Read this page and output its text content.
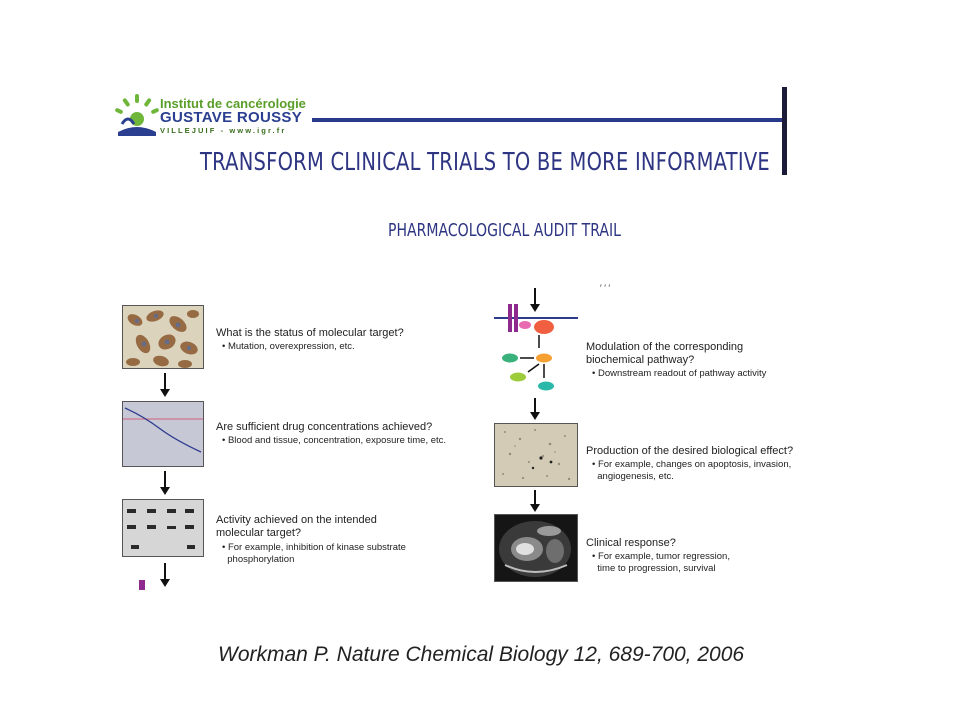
Institut de cancérologie
GUSTAVE ROUSSY
VILLEJUIF - www.igr.fr
TRANSFORM CLINICAL TRIALS TO BE MORE INFORMATIVE
PHARMACOLOGICAL AUDIT TRAIL
What is the status of molecular target?
• Mutation, overexpression, etc.
Are sufficient drug concentrations achieved?
• Blood and tissue, concentration, exposure time, etc.
Activity achieved on the intended
molecular target?
• For example, inhibition of kinase substrate
phosphorylation
′ ′ ′
Modulation of the corresponding
biochemical pathway?
• Downstream readout of pathway activity
Production of the desired biological effect?
• For example, changes on apoptosis, invasion,
angiogenesis, etc.
Clinical response?
• For example, tumor regression,
time to progression, survival
Workman P. Nature Chemical Biology 12, 689-700, 2006
